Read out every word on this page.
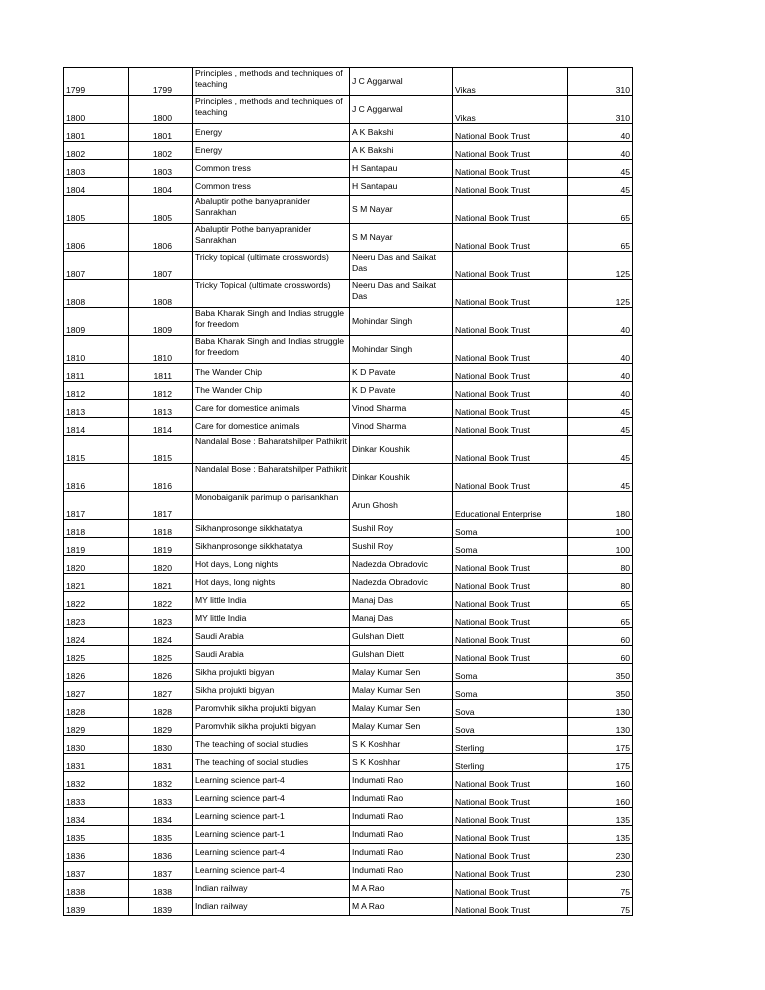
1799	1799	Principles , methods and techniques of teaching	J C Aggarwal	Vikas	310
1800	1800	Principles , methods and techniques of teaching	J C Aggarwal	Vikas	310
1801	1801	Energy	A K Bakshi	National Book Trust	40
1802	1802	Energy	A K Bakshi	National Book Trust	40
1803	1803	Common tress	H Santapau	National Book Trust	45
1804	1804	Common tress	H Santapau	National Book Trust	45
1805	1805	Abaluptir pothe banyapranider Sanrakhan	S M Nayar	National Book Trust	65
1806	1806	Abaluptir Pothe banyapranider Sanrakhan	S M Nayar	National Book Trust	65
1807	1807	Tricky topical (ultimate crosswords)	Neeru Das and Saikat Das	National Book Trust	125
1808	1808	Tricky Topical (ultimate crosswords)	Neeru Das and Saikat Das	National Book Trust	125
1809	1809	Baba Kharak Singh and Indias struggle for freedom	Mohindar Singh	National Book Trust	40
1810	1810	Baba Kharak Singh and Indias struggle for freedom	Mohindar Singh	National Book Trust	40
1811	1811	The Wander Chip	K D Pavate	National Book Trust	40
1812	1812	The Wander Chip	K D Pavate	National Book Trust	40
1813	1813	Care for domestice animals	Vinod Sharma	National Book Trust	45
1814	1814	Care for domestice animals	Vinod Sharma	National Book Trust	45
1815	1815	Nandalal Bose : Baharatshilper Pathikrit	Dinkar Koushik	National Book Trust	45
1816	1816	Nandalal Bose : Baharatshilper Pathikrit	Dinkar Koushik	National Book Trust	45
1817	1817	Monobaiganik parimup o parisankhan	Arun Ghosh	Educational Enterprise	180
1818	1818	Sikhanprosonge sikkhatatya	Sushil Roy	Soma	100
1819	1819	Sikhanprosonge sikkhatatya	Sushil Roy	Soma	100
1820	1820	Hot days, Long nights	Nadezda Obradovic	National Book Trust	80
1821	1821	Hot days, long nights	Nadezda Obradovic	National Book Trust	80
1822	1822	MY little India	Manaj Das	National Book Trust	65
1823	1823	MY little India	Manaj Das	National Book Trust	65
1824	1824	Saudi Arabia	Gulshan Diett	National Book Trust	60
1825	1825	Saudi Arabia	Gulshan Diett	National Book Trust	60
1826	1826	Sikha projukti bigyan	Malay Kumar Sen	Soma	350
1827	1827	Sikha projukti bigyan	Malay Kumar Sen	Soma	350
1828	1828	Paromvhik sikha projukti bigyan	Malay Kumar Sen	Sova	130
1829	1829	Paromvhik sikha projukti bigyan	Malay Kumar Sen	Sova	130
1830	1830	The teaching of social studies	S K Koshhar	Sterling	175
1831	1831	The teaching of social studies	S K Koshhar	Sterling	175
1832	1832	Learning science part-4	Indumati Rao	National Book Trust	160
1833	1833	Learning science part-4	Indumati Rao	National Book Trust	160
1834	1834	Learning science part-1	Indumati Rao	National Book Trust	135
1835	1835	Learning science part-1	Indumati Rao	National Book Trust	135
1836	1836	Learning science part-4	Indumati Rao	National Book Trust	230
1837	1837	Learning science part-4	Indumati Rao	National Book Trust	230
1838	1838	Indian railway	M A Rao	National Book Trust	75
1839	1839	Indian railway	M A Rao	National Book Trust	75
